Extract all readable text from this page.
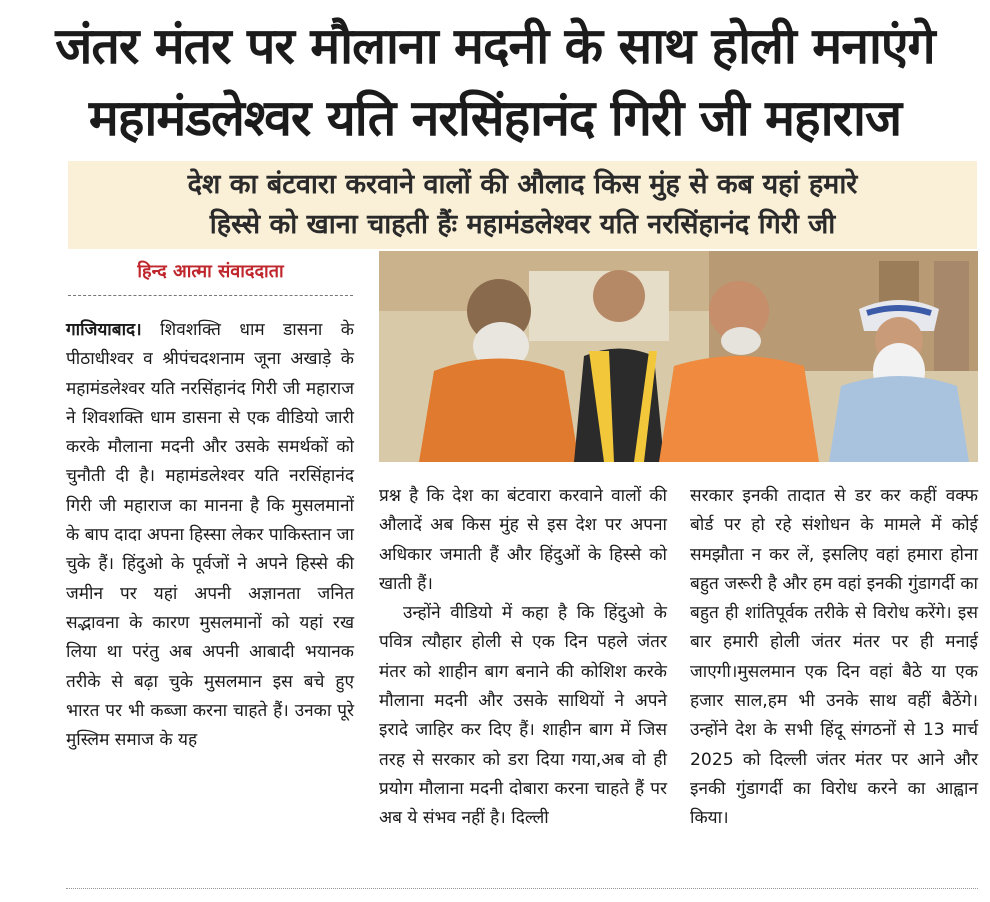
जंतर मंतर पर मौलाना मदनी के साथ होली मनाएंगे
महामंडलेश्वर यति नरसिंहानंद गिरी जी महाराज
देश का बंटवारा करवाने वालों की औलाद किस मुंह से कब यहां हमारे
हिस्से को खाना चाहती हैंः महामंडलेश्वर यति नरसिंहानंद गिरी जी
हिन्द आत्मा संवाददाता

गाजियाबाद। शिवशक्ति धाम डासना के पीठाधीश्वर व श्रीपंचदशनाम जूना अखाड़े के महामंडलेश्वर यति नरसिंहानंद गिरी जी महाराज ने शिवशक्ति धाम डासना से एक वीडियो जारी करके मौलाना मदनी और उसके समर्थकों को चुनौती दी है। महामंडलेश्वर यति नरसिंहानंद गिरी जी महाराज का मानना है कि मुसलमानों के बाप दादा अपना हिस्सा लेकर पाकिस्तान जा चुके हैं। हिंदुओ के पूर्वजों ने अपने हिस्से की जमीन पर यहां अपनी अज्ञानता जनित सद्भावना के कारण मुसलमानों को यहां रख लिया था परंतु अब अपनी आबादी भयानक तरीके से बढ़ा चुके मुसलमान इस बचे हुए भारत पर भी कब्जा करना चाहते हैं। उनका पूरे मुस्लिम समाज के यह

प्रश्न है कि देश का बंटवारा करवाने वालों की औलादें अब किस मुंह से इस देश पर अपना अधिकार जमाती हैं और हिंदुओं के हिस्से को खाती हैं।

उन्होंने वीडियो में कहा है कि हिंदुओ के पवित्र त्यौहार होली से एक दिन पहले जंतर मंतर को शाहीन बाग बनाने की कोशिश करके मौलाना मदनी और उसके साथियों ने अपने इरादे जाहिर कर दिए हैं। शाहीन बाग में जिस तरह से सरकार को डरा दिया गया,अब वो ही प्रयोग मौलाना मदनी दोबारा करना चाहते हैं पर अब ये संभव नहीं है। दिल्ली

सरकार इनकी तादात से डर कर कहीं वक्फ बोर्ड पर हो रहे संशोधन के मामले में कोई समझौता न कर लें, इसलिए वहां हमारा होना बहुत जरूरी है और हम वहां इनकी गुंडागर्दी का बहुत ही शांतिपूर्वक तरीके से विरोध करेंगे। इस बार हमारी होली जंतर मंतर पर ही मनाई जाएगी।मुसलमान एक दिन वहां बैठे या एक हजार साल,हम भी उनके साथ वहीं बैठेंगे। उन्होंने देश के सभी हिंदू संगठनों से 13 मार्च 2025 को दिल्ली जंतर मंतर पर आने और इनकी गुंडागर्दी का विरोध करने का आह्वान किया।
